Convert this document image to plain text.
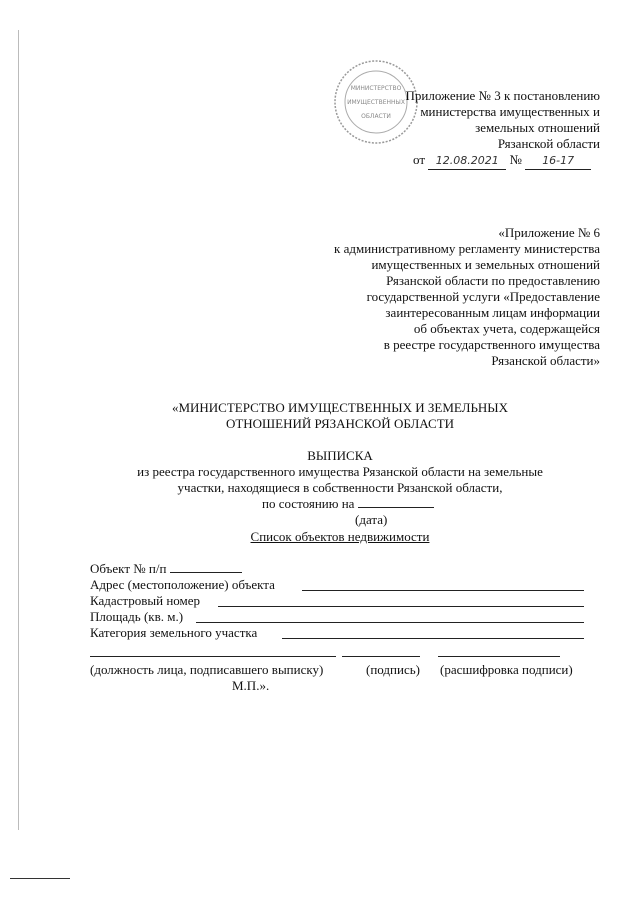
МИНИСТЕРСТВО
ИМУЩЕСТВЕННЫХ
ОБЛАСТИ
Приложение № 3 к постановлению
министерства имущественных и
земельных отношений
Рязанской области
от 12.08.2021 № 16-17
«Приложение № 6
к административному регламенту министерства
имущественных и земельных отношений
Рязанской области по предоставлению
государственной услуги «Предоставление
заинтересованным лицам информации
об объектах учета, содержащейся
в реестре государственного имущества
Рязанской области»
«МИНИСТЕРСТВО ИМУЩЕСТВЕННЫХ И ЗЕМЕЛЬНЫХ
ОТНОШЕНИЙ РЯЗАНСКОЙ ОБЛАСТИ
ВЫПИСКА
из реестра государственного имущества Рязанской области на земельные
участки, находящиеся в собственности Рязанской области,
по состоянию на
(дата)
Список объектов недвижимости
Объект № п/п
Адрес (местоположение) объекта
Кадастровый номер
Площадь (кв. м.)
Категория земельного участка
(должность лица, подписавшего выписку)	(подпись) (расшифровка подписи)
М.П.».
